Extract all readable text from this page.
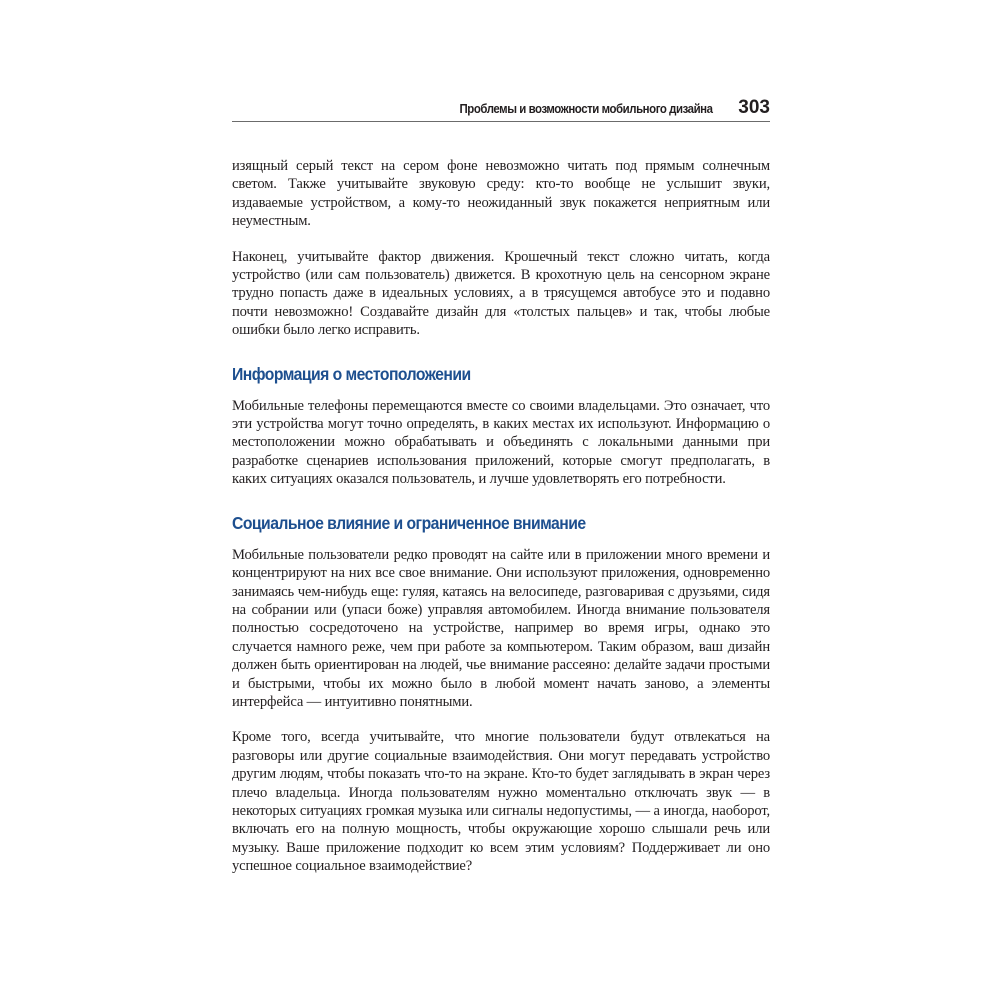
Проблемы и возможности мобильного дизайна 303

изящный серый текст на сером фоне невозможно читать под прямым солнечным светом. Также учитывайте звуковую среду: кто-то вообще не услышит звуки, издаваемые устройством, а кому-то неожиданный звук покажется неприятным или неуместным.

Наконец, учитывайте фактор движения. Крошечный текст сложно читать, когда устройство (или сам пользователь) движется. В крохотную цель на сенсорном экране трудно попасть даже в идеальных условиях, а в трясущемся автобусе это и подавно почти невозможно! Создавайте дизайн для «толстых пальцев» и так, чтобы любые ошибки было легко исправить.

Информация о местоположении

Мобильные телефоны перемещаются вместе со своими владельцами. Это означает, что эти устройства могут точно определять, в каких местах их используют. Информацию о местоположении можно обрабатывать и объединять с локальными данными при разработке сценариев использования приложений, которые смогут предполагать, в каких ситуациях оказался пользователь, и лучше удовлетворять его потребности.

Социальное влияние и ограниченное внимание

Мобильные пользователи редко проводят на сайте или в приложении много времени и концентрируют на них все свое внимание. Они используют приложения, одновременно занимаясь чем-нибудь еще: гуляя, катаясь на велосипеде, разговаривая с друзьями, сидя на собрании или (упаси боже) управляя автомобилем. Иногда внимание пользователя полностью сосредоточено на устройстве, например во время игры, однако это случается намного реже, чем при работе за компьютером. Таким образом, ваш дизайн должен быть ориентирован на людей, чье внимание рассеяно: делайте задачи простыми и быстрыми, чтобы их можно было в любой момент начать заново, а элементы интерфейса — интуитивно понятными.

Кроме того, всегда учитывайте, что многие пользователи будут отвлекаться на разговоры или другие социальные взаимодействия. Они могут передавать устройство другим людям, чтобы показать что-то на экране. Кто-то будет заглядывать в экран через плечо владельца. Иногда пользователям нужно моментально отключать звук — в некоторых ситуациях громкая музыка или сигналы недопустимы, — а иногда, наоборот, включать его на полную мощность, чтобы окружающие хорошо слышали речь или музыку. Ваше приложение подходит ко всем этим условиям? Поддерживает ли оно успешное социальное взаимодействие?
